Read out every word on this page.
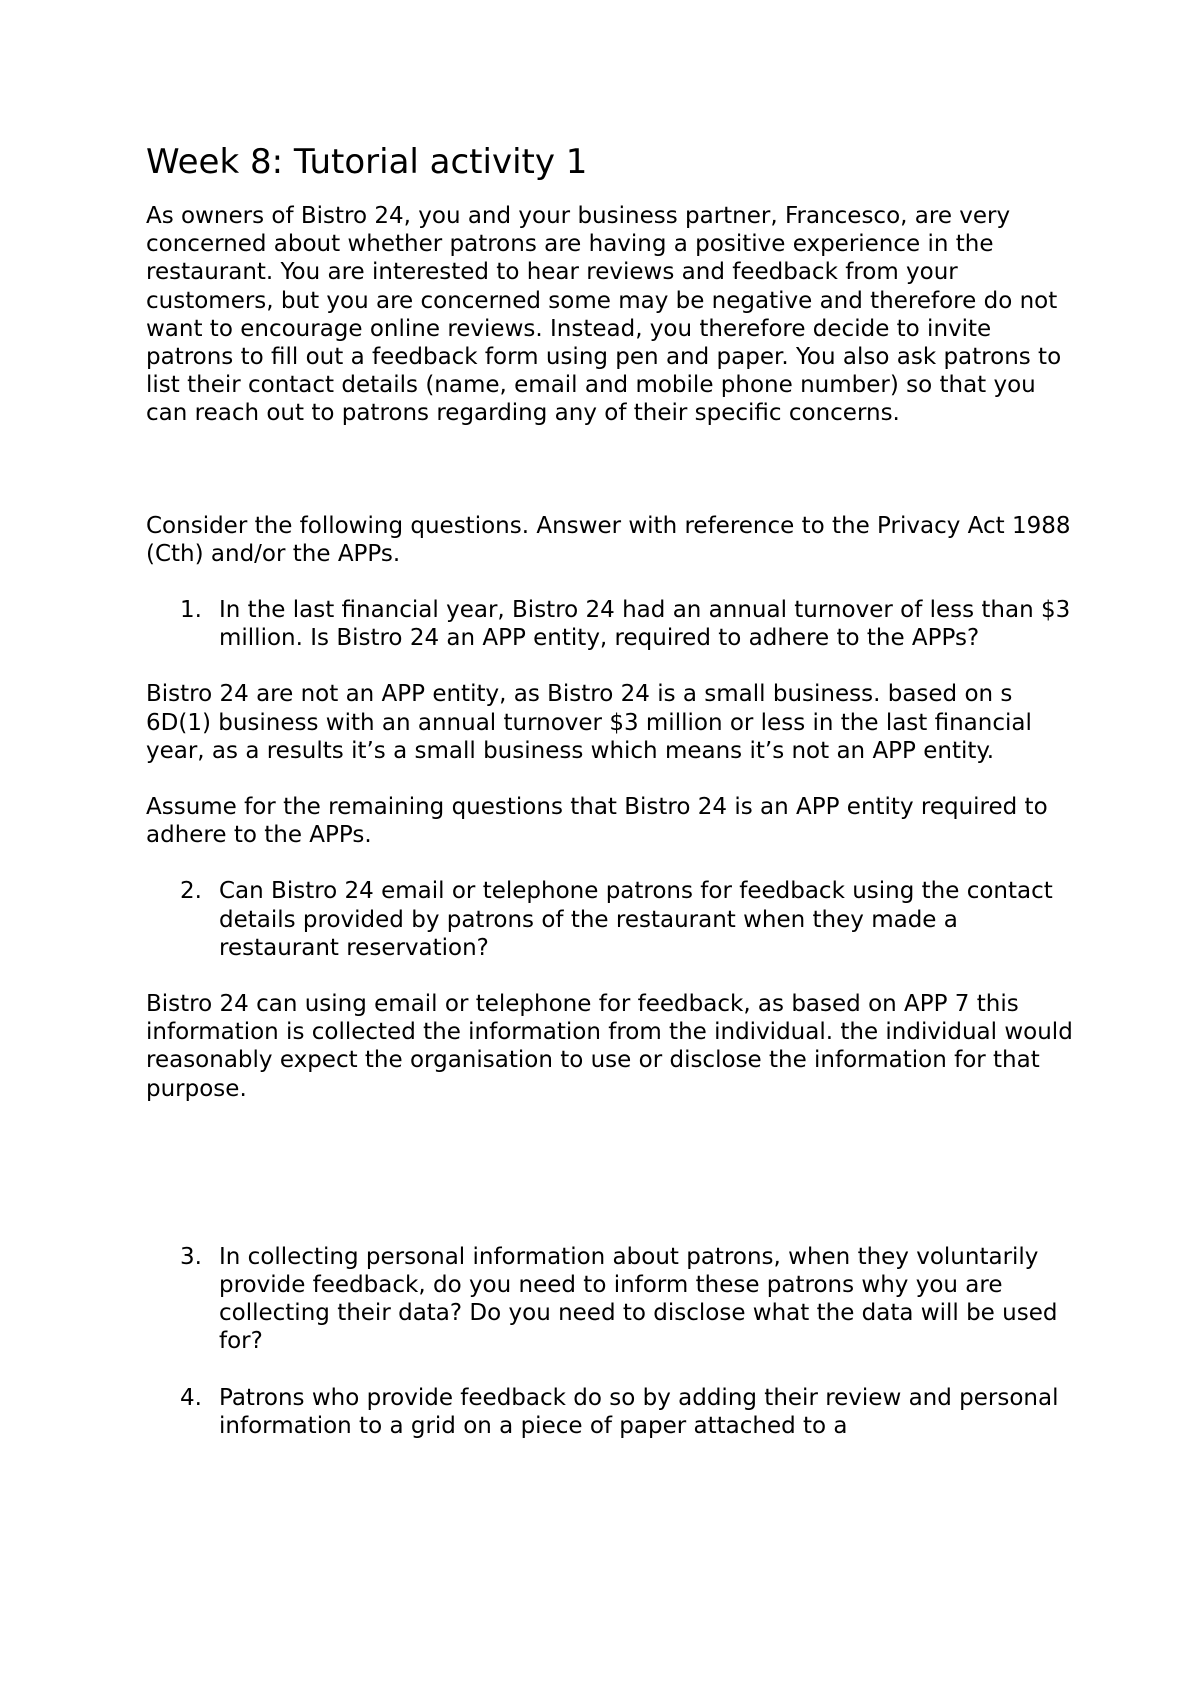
Week 8: Tutorial activity 1

As owners of Bistro 24, you and your business partner, Francesco, are very concerned about whether patrons are having a positive experience in the restaurant. You are interested to hear reviews and feedback from your customers, but you are concerned some may be negative and therefore do not want to encourage online reviews. Instead, you therefore decide to invite patrons to fill out a feedback form using pen and paper. You also ask patrons to list their contact details (name, email and mobile phone number) so that you can reach out to patrons regarding any of their specific concerns.

Consider the following questions. Answer with reference to the Privacy Act 1988 (Cth) and/or the APPs.

1. In the last financial year, Bistro 24 had an annual turnover of less than $3 million. Is Bistro 24 an APP entity, required to adhere to the APPs?

Bistro 24 are not an APP entity, as Bistro 24 is a small business. based on s 6D(1) business with an annual turnover $3 million or less in the last financial year, as a results it’s a small business which means it’s not an APP entity.

Assume for the remaining questions that Bistro 24 is an APP entity required to adhere to the APPs.

2. Can Bistro 24 email or telephone patrons for feedback using the contact details provided by patrons of the restaurant when they made a restaurant reservation?

Bistro 24 can using email or telephone for feedback, as based on APP 7 this information is collected the information from the individual. the individual would reasonably expect the organisation to use or disclose the information for that purpose.

3. In collecting personal information about patrons, when they voluntarily provide feedback, do you need to inform these patrons why you are collecting their data? Do you need to disclose what the data will be used for?
4. Patrons who provide feedback do so by adding their review and personal information to a grid on a piece of paper attached to a
